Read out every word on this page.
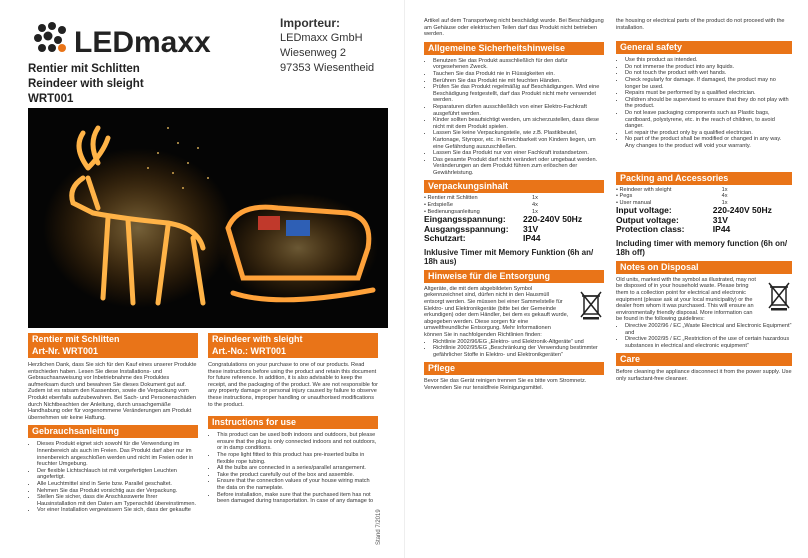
LEDmaxx
Importeur:
LEDmaxx GmbH
Wiesenweg 2
97353 Wiesentheid
Rentier mit Schlitten
Reindeer with sleight
WRT001
Rentier mit Schlitten
Art-Nr. WRT001
Herzlichen Dank, dass Sie sich für den Kauf eines unserer Produkte entschieden haben. Lesen Sie diese Installations- und Gebrauchsanweisung vor Inbetriebnahme des Produktes aufmerksam durch und bewahren Sie dieses Dokument gut auf. Zudem ist es ratsam den Kassenbon, sowie die Verpackung vom Produkt ebenfalls aufzubewahren. Bei Sach- und Personenschäden durch Nichtbeachten der Anleitung, durch unsachgemäße Handhabung oder für vorgenommene Veränderungen am Produkt übernehmen wir keine Haftung.
Gebrauchsanleitung
• Dieses Produkt eignet sich sowohl für die Verwendung im Innenbereich als auch im Freien. Das Produkt darf aber nur im innenbereich angeschloßen werden und nicht im Freien oder in feuchter Umgebung.
• Der flexible Lichtschlauch ist mit vorgefertigten Leuchten angefertigt.
• Alle Leuchtmittel sind in Serie bzw. Parallel geschaltet.
• Nehmen Sie das Produkt vorsichtig aus der Verpackung.
• Stellen Sie sicher, dass die Anschlusswerte Ihrer Hausinstallation mit den Daten am Typenschild übereinstimmen.
• Vor einer Installation vergewissern Sie sich, dass der gekaufte
Reindeer with sleight
Art.-No.: WRT001
Congratulations on your purchase to one of our products. Read these instructions before using the product and retain this document for future reference. In addition, it is also advisable to keep the receipt, and the packaging of the product. We are not responsible for any property damage or personal injury caused by failure to observe these instructions, improper handling or unauthorised modifications to the product.
Instructions for use
• This product can be used both indoors and outdoors, but please ensure that the plug is only connected indoors and not outdoors, or in damp conditions.
• The rope light fitted to this product has pre-inserted bulbs in flexible rope tubing.
• All the bulbs are connected in a series/parallel arrangement.
• Take the product carefully out of the box and assemble.
• Ensure that the connection values of your house wiring match the data on the nameplate.
• Before installation, make sure that the purchased item has not been damaged during transportation. In case of any damage to
Stand 7/2019
Artikel auf dem Transportweg nicht beschädigt wurde. Bei Beschädigung am Gehäuse oder elektrischen Teilen darf das Produkt nicht betrieben werden.
Allgemeine Sicherheitshinweise
• Benutzen Sie das Produkt ausschließlich für den dafür vorgesehenen Zweck.
• Tauchen Sie das Produkt nie in Flüssigkeiten ein.
• Berühren Sie das Produkt nie mit feuchten Händen.
• Prüfen Sie das Produkt regelmäßig auf Beschädigungen. Wird eine Beschädigung festgestellt, darf das Produkt nicht mehr verwendet werden.
• Reparaturen dürfen ausschließlich von einer Elektro-Fachkraft ausgeführt werden.
• Kinder sollten beaufsichtigt werden, um sicherzustellen, dass diese nicht mit dem Produkt spielen.
• Lassen Sie keine Verpackungsteile, wie z.B. Plastikbeutel, Kartonage, Styropor, etc. in Erreichbarkeit von Kindern liegen, um eine Gefährdung auszuschließen.
• Lassen Sie das Produkt nur von einer Fachkraft instandsetzen.
• Das gesamte Produkt darf nicht verändert oder umgebaut werden. Veränderungen an dem Produkt führen zum erlöschen der Gewährleistung.
Verpackungsinhalt
• Rentier mit Schlitten	1x
• Erdspieße	4x
• Bedienungsanleitung	1x
Eingangsspannung:	220-240V 50Hz
Ausgangsspannung:	31V
Schutzart:	IP44
Inklusive Timer mit Memory Funktion (6h an/ 18h aus)
Hinweise für die Entsorgung
Altgeräte, die mit dem abgebildeten Symbol gekennzeichnet sind, dürfen nicht in den Hausmüll entsorgt werden. Sie müssen bei einer Sammelstelle für Elektro- und Elektronikgeräte (bitte bei der Gemeinde erkundigen) oder dem Händler, bei dem es gekauft wurde, abgegeben werden. Diese sorgen für eine umweltfreundliche Entsorgung. Mehr Informationen können Sie in nachfolgenden Richtlinien finden:
• Richtlinie 2002/96/EG „Elektro- und Elektronik-Altgeräte“ und
• Richtlinie 2002/95/EG „Beschränkung der Verwendung bestimmter gefährlicher Stoffe in Elektro- und Elektronikgeräten“
Pflege
Bevor Sie das Gerät reinigen trennen Sie es bitte vom Stromnetz. Verwenden Sie nur tensidfreie Reinigungsmittel.
the housing or electrical parts of the product do not proceed with the installation.
General safety
• Use this product as intended.
• Do not immerse the product into any liquids.
• Do not touch the product with wet hands.
• Check regularly for damage. If damaged, the product may no longer be used.
• Repairs must be performed by a qualified electrician.
• Children should be supervised to ensure that they do not play with the product.
• Do not leave packaging components such as Plastic bags, cardboard, polystyrene, etc. in the reach of children, to avoid danger.
• Let repair the product only by a qualified electrician.
• No part of the product shall be modified or changed in any way. Any changes to the product will void your warranty.
Packing and Accessories
• Reindeer with sleight	1x
• Pegs	4x
• User manual	1x
Input voltage:	220-240V 50Hz
Output voltage:	31V
Protection class:	IP44
Including timer with memory function (6h on/ 18h off)
Notes on Disposal
Old units, marked with the symbol as illustrated, may not be disposed of in your household waste. Please bring them to a collection point for electrical and electronic equipment (please ask at your local municipality) or the dealer from whom it was purchased. This will ensure an environmentally friendly disposal. More information can be found in the following guidelines:
• Directive 2002/96 / EC „Waste Electrical and Electronic Equipment“ and
• Directive 2002/95 / EC „Restriction of the use of certain hazardous substances in electrical and electronic equipment“
Care
Before cleaning the appliance disconnect it from the power supply. Use only surfactant-free cleanser.
